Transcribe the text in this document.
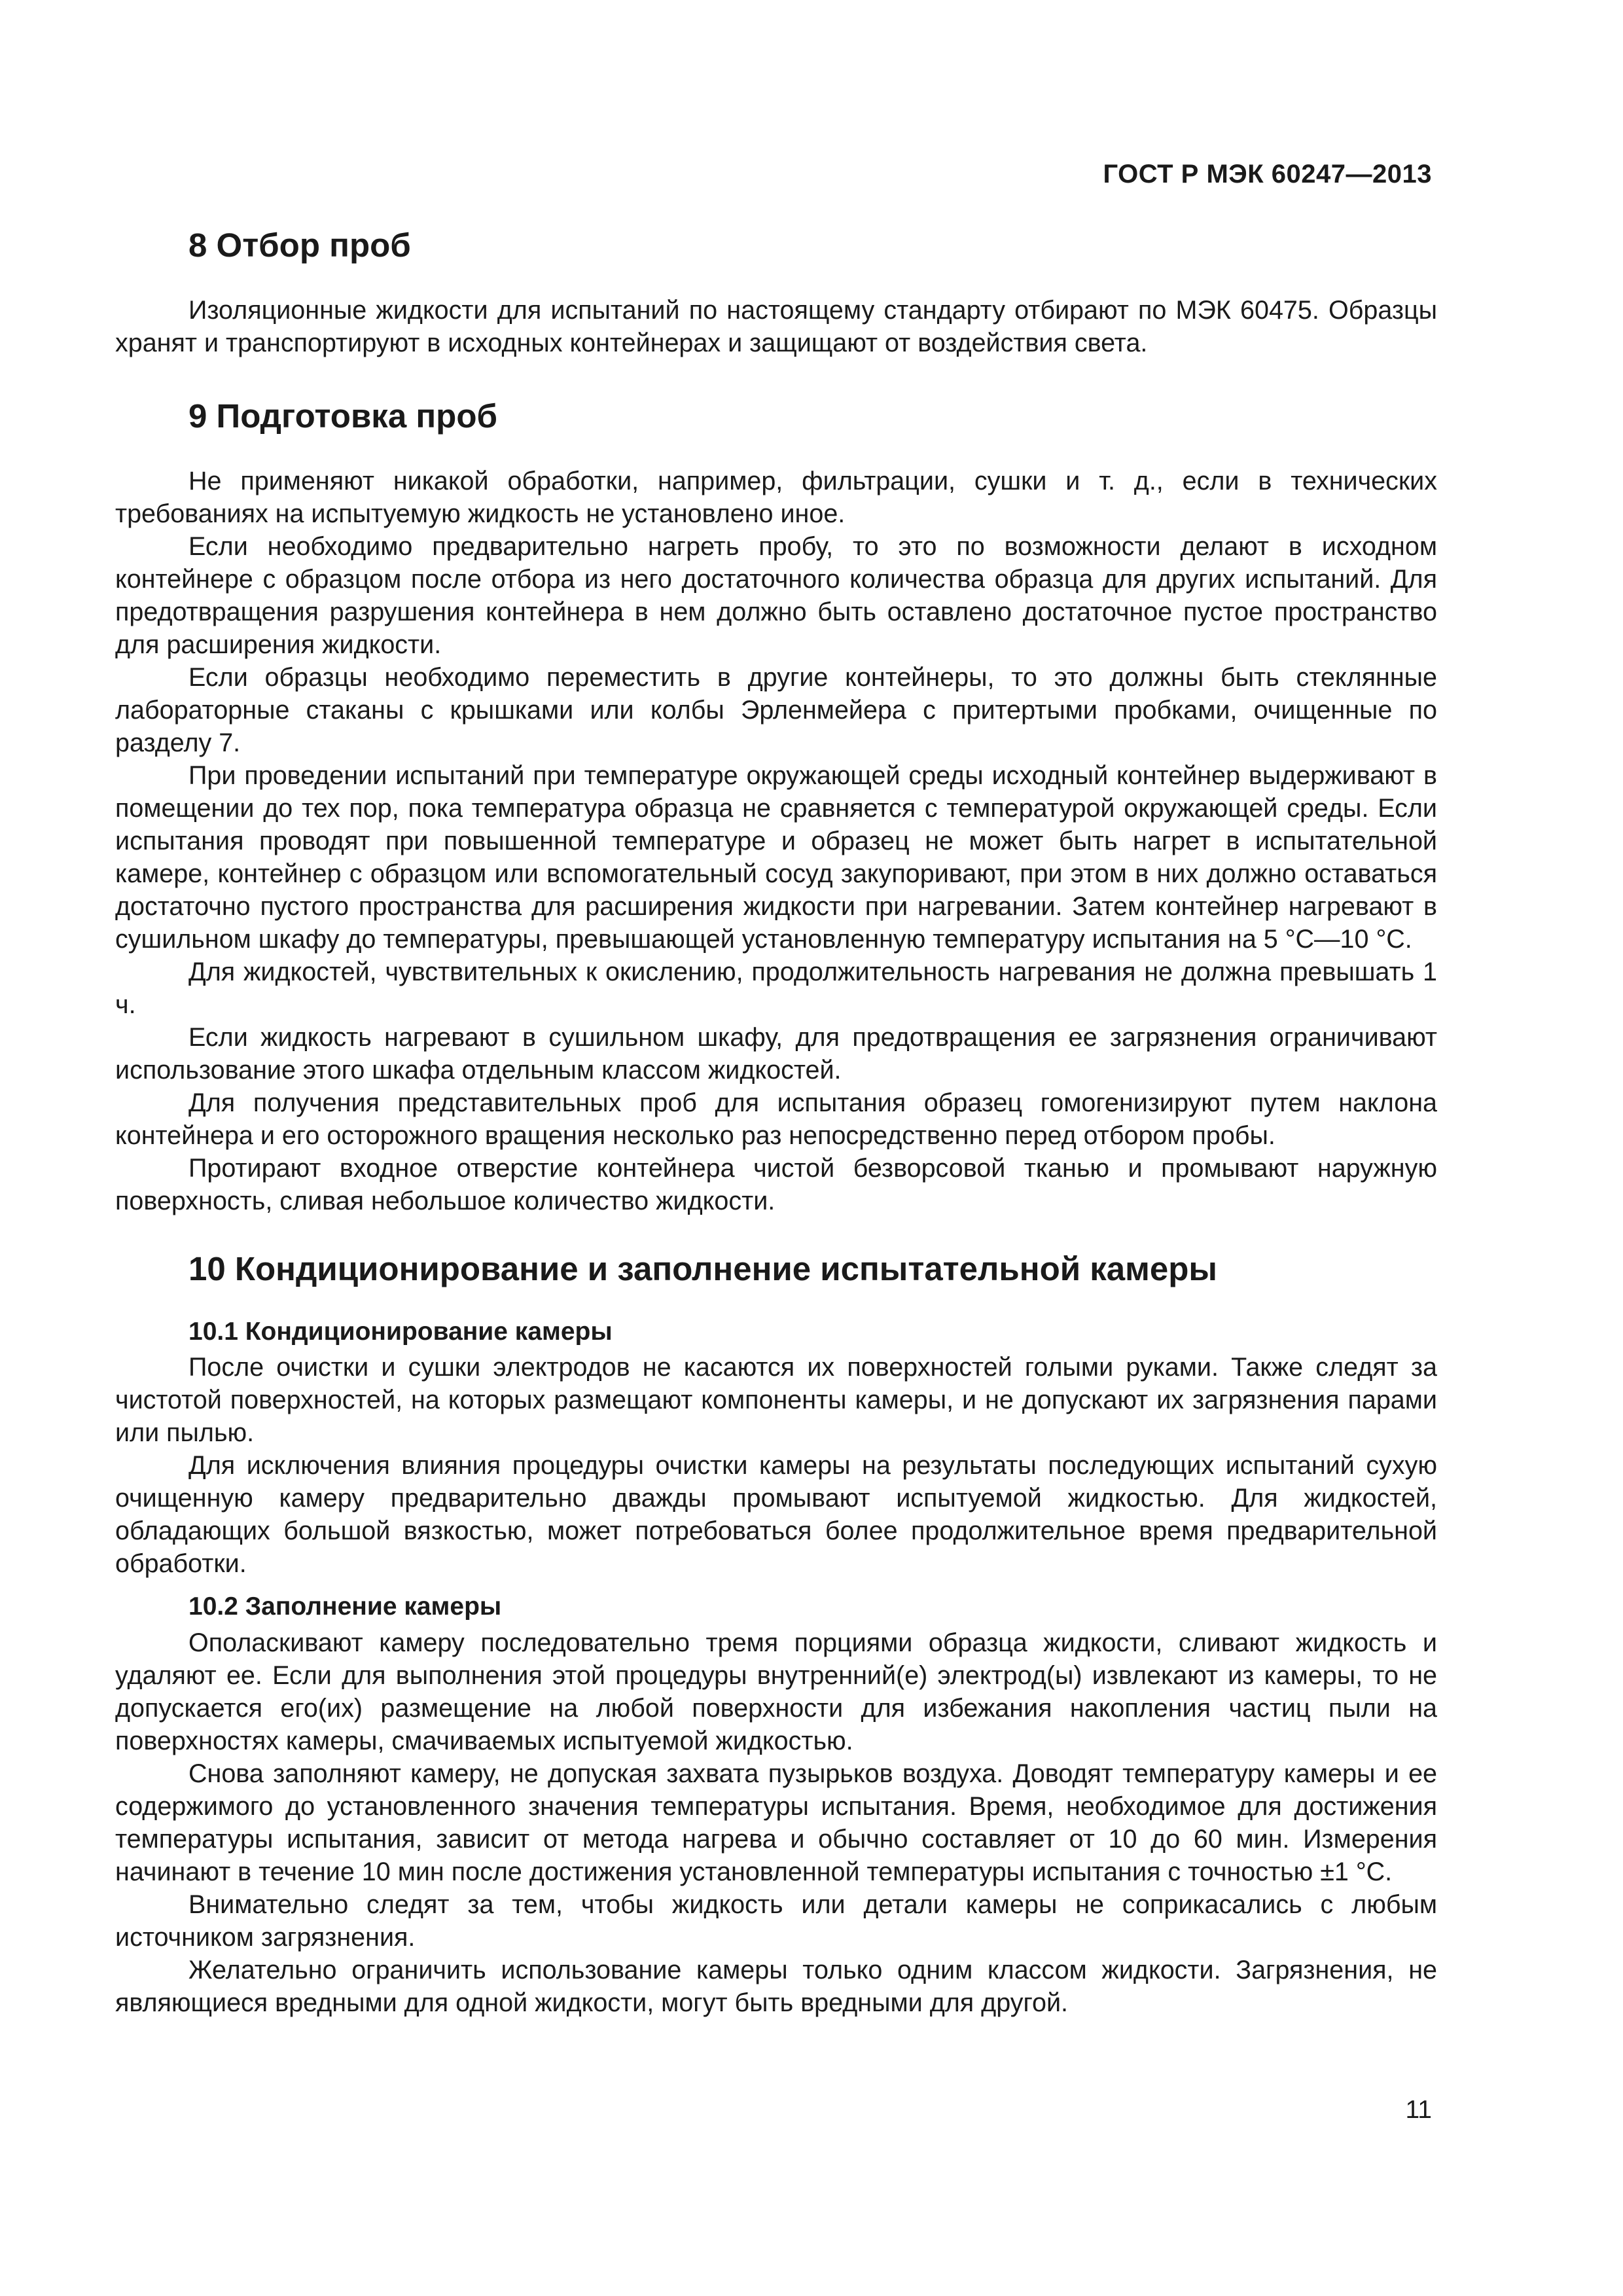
ГОСТ Р МЭК 60247—2013
8 Отбор проб

Изоляционные жидкости для испытаний по настоящему стандарту отбирают по МЭК 60475. Образцы хранят и транспортируют в исходных контейнерах и защищают от воздействия света.

9 Подготовка проб

Не применяют никакой обработки, например, фильтрации, сушки и т. д., если в технических требованиях на испытуемую жидкость не установлено иное.

Если необходимо предварительно нагреть пробу, то это по возможности делают в исходном контейнере с образцом после отбора из него достаточного количества образца для других испытаний. Для предотвращения разрушения контейнера в нем должно быть оставлено достаточное пустое пространство для расширения жидкости.

Если образцы необходимо переместить в другие контейнеры, то это должны быть стеклянные лабораторные стаканы с крышками или колбы Эрленмейера с притертыми пробками, очищенные по разделу 7.

При проведении испытаний при температуре окружающей среды исходный контейнер выдерживают в помещении до тех пор, пока температура образца не сравняется с температурой окружающей среды. Если испытания проводят при повышенной температуре и образец не может быть нагрет в испытательной камере, контейнер с образцом или вспомогательный сосуд закупоривают, при этом в них должно оставаться достаточно пустого пространства для расширения жидкости при нагревании. Затем контейнер нагревают в сушильном шкафу до температуры, превышающей установленную температуру испытания на 5 °С—10 °С.

Для жидкостей, чувствительных к окислению, продолжительность нагревания не должна превышать 1 ч.

Если жидкость нагревают в сушильном шкафу, для предотвращения ее загрязнения ограничивают использование этого шкафа отдельным классом жидкостей.

Для получения представительных проб для испытания образец гомогенизируют путем наклона контейнера и его осторожного вращения несколько раз непосредственно перед отбором пробы.

Протирают входное отверстие контейнера чистой безворсовой тканью и промывают наружную поверхность, сливая небольшое количество жидкости.

10 Кондиционирование и заполнение испытательной камеры
10.1 Кондиционирование камеры

После очистки и сушки электродов не касаются их поверхностей голыми руками. Также следят за чистотой поверхностей, на которых размещают компоненты камеры, и не допускают их загрязнения парами или пылью.

Для исключения влияния процедуры очистки камеры на результаты последующих испытаний сухую очищенную камеру предварительно дважды промывают испытуемой жидкостью. Для жидкостей, обладающих большой вязкостью, может потребоваться более продолжительное время предварительной обработки.

10.2 Заполнение камеры

Ополаскивают камеру последовательно тремя порциями образца жидкости, сливают жидкость и удаляют ее. Если для выполнения этой процедуры внутренний(е) электрод(ы) извлекают из камеры, то не допускается его(их) размещение на любой поверхности для избежания накопления частиц пыли на поверхностях камеры, смачиваемых испытуемой жидкостью.

Снова заполняют камеру, не допуская захвата пузырьков воздуха. Доводят температуру камеры и ее содержимого до установленного значения температуры испытания. Время, необходимое для достижения температуры испытания, зависит от метода нагрева и обычно составляет от 10 до 60 мин. Измерения начинают в течение 10 мин после достижения установленной температуры испытания с точностью ±1 °С.

Внимательно следят за тем, чтобы жидкость или детали камеры не соприкасались с любым источником загрязнения.

Желательно ограничить использование камеры только одним классом жидкости. Загрязнения, не являющиеся вредными для одной жидкости, могут быть вредными для другой.

11
